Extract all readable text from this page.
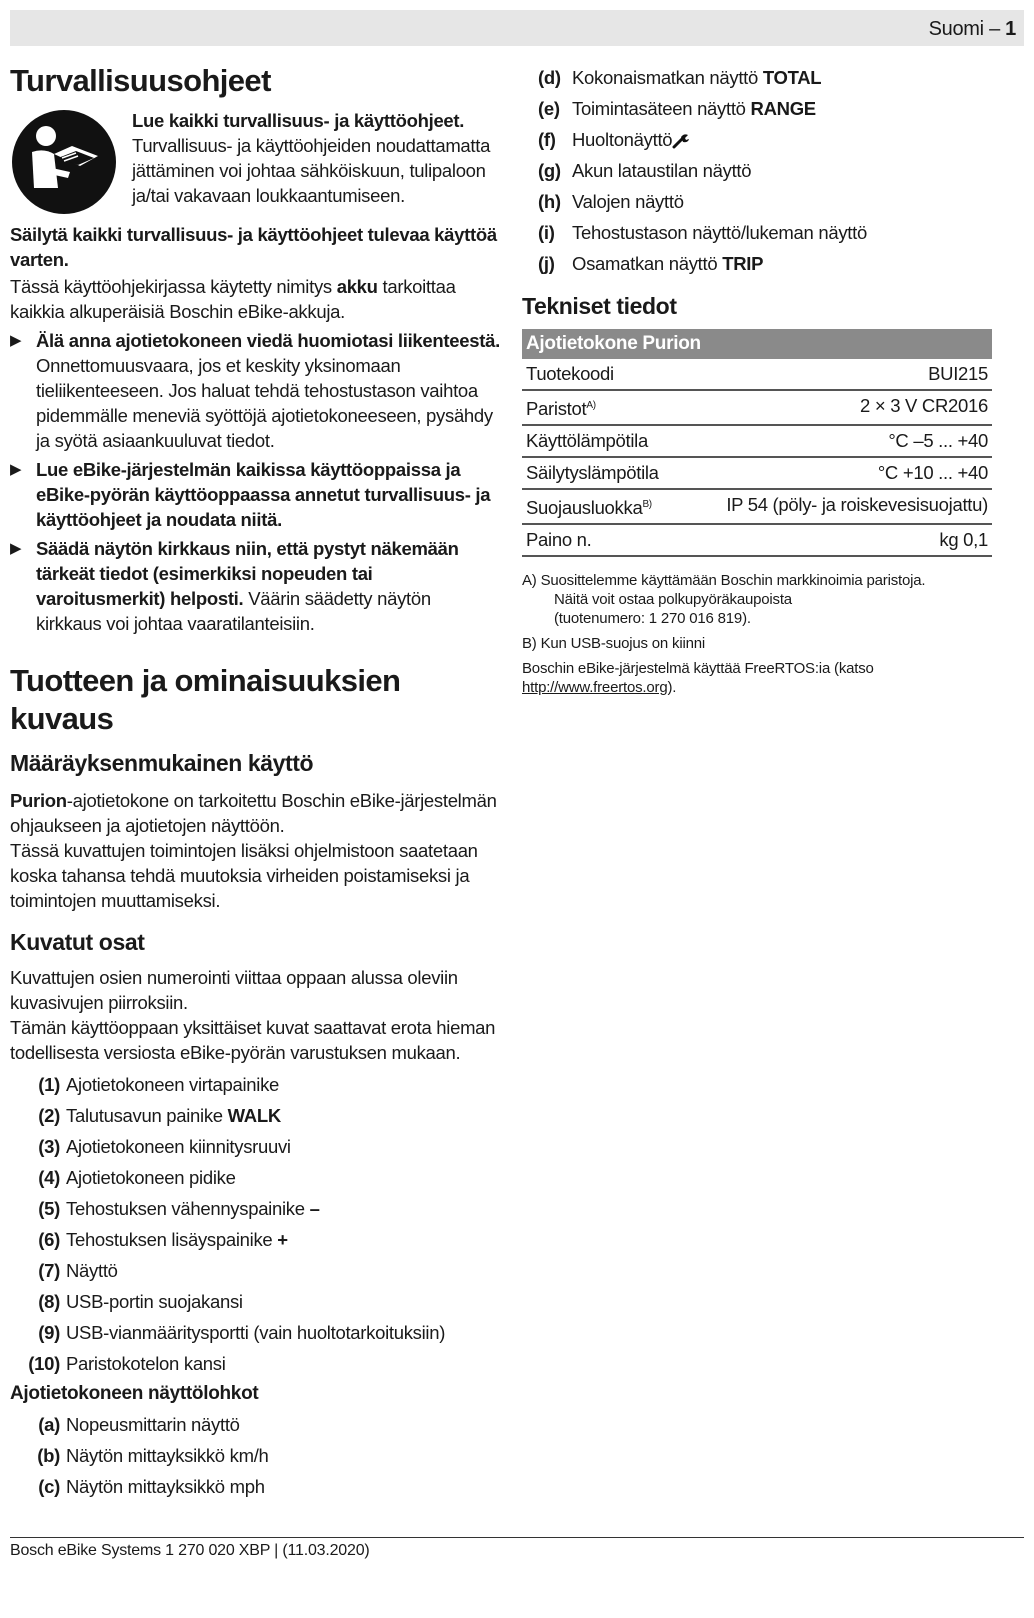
Suomi – 1
Turvallisuusohjeet

Lue kaikki turvallisuus- ja käyttöohjeet.

Turvallisuus- ja käyttöohjeiden noudattamatta jättäminen voi johtaa sähköiskuun, tulipaloon ja/tai vakavaan loukkaantumiseen.

Säilytä kaikki turvallisuus- ja käyttöohjeet tulevaa käyttöä varten.

Tässä käyttöohjekirjassa käytetty nimitys akku tarkoittaa kaikkia alkuperäisiä Boschin eBike-akkuja.

▶ Älä anna ajotietokoneen viedä huomiotasi liikenteestä. Onnettomuusvaara, jos et keskity yksinomaan tieliikenteeseen. Jos haluat tehdä tehostustason vaihtoa pidemmälle meneviä syöttöjä ajotietokoneeseen, pysähdy ja syötä asiaankuuluvat tiedot.

▶ Lue eBike-järjestelmän kaikissa käyttöoppaissa ja eBike-pyörän käyttöoppaassa annetut turvallisuus- ja käyttöohjeet ja noudata niitä.

▶ Säädä näytön kirkkaus niin, että pystyt näkemään tärkeät tiedot (esimerkiksi nopeuden tai varoitusmerkit) helposti. Väärin säädetty näytön kirkkaus voi johtaa vaaratilanteisiin.

Tuotteen ja ominaisuuksien kuvaus
Määräyksenmukainen käyttö

Purion-ajotietokone on tarkoitettu Boschin eBike-järjestelmän ohjaukseen ja ajotietojen näyttöön.

Tässä kuvattujen toimintojen lisäksi ohjelmistoon saatetaan koska tahansa tehdä muutoksia virheiden poistamiseksi ja toimintojen muuttamiseksi.

Kuvatut osat

Kuvattujen osien numerointi viittaa oppaan alussa oleviin kuvasivujen piirroksiin.

Tämän käyttöoppaan yksittäiset kuvat saattavat erota hieman todellisesta versiosta eBike-pyörän varustuksen mukaan.

(1) Ajotietokoneen virtapainike
(2) Talutusavun painike WALK
(3) Ajotietokoneen kiinnitysruuvi
(4) Ajotietokoneen pidike
(5) Tehostuksen vähennyspainike –
(6) Tehostuksen lisäyspainike +
(7) Näyttö
(8) USB-portin suojakansi
(9) USB-vianmääritysportti (vain huoltotarkoituksiin)
(10) Paristokotelon kansi
Ajotietokoneen näyttölohkot
(a) Nopeusmittarin näyttö
(b) Näytön mittayksikkö km/h
(c) Näytön mittayksikkö mph
(d) Kokonaismatkan näyttö TOTAL
(e) Toimintasäteen näyttö RANGE
(f) Huoltonäyttö
(g) Akun lataustilan näyttö
(h) Valojen näyttö
(i) Tehostustason näyttö/lukeman näyttö
(j) Osamatkan näyttö TRIP
Tekniset tiedot
Ajotietokone Purion	
Tuotekoodi	BUI215
Paristot$^{A)}$	2 × 3 V CR2016
Käyttölämpötila	°C –5 ... +40
Säilytyslämpötila	°C +10 ... +40
Suojausluokka$^{B)}$	IP 54 (pöly- ja roiskevesisuojattu)
Paino n.	kg 0,1

A) Suosittelemme käyttämään Boschin markkinoimia paristoja.

Näitä voit ostaa polkupyöräkaupoista

(tuotenumero: 1 270 016 819).

B) Kun USB-suojus on kiinni

Boschin eBike-järjestelmä käyttää FreeRTOS:ia (katso

http://www.freertos.org).

Bosch eBike Systems 1 270 020 XBP | (11.03.2020)
